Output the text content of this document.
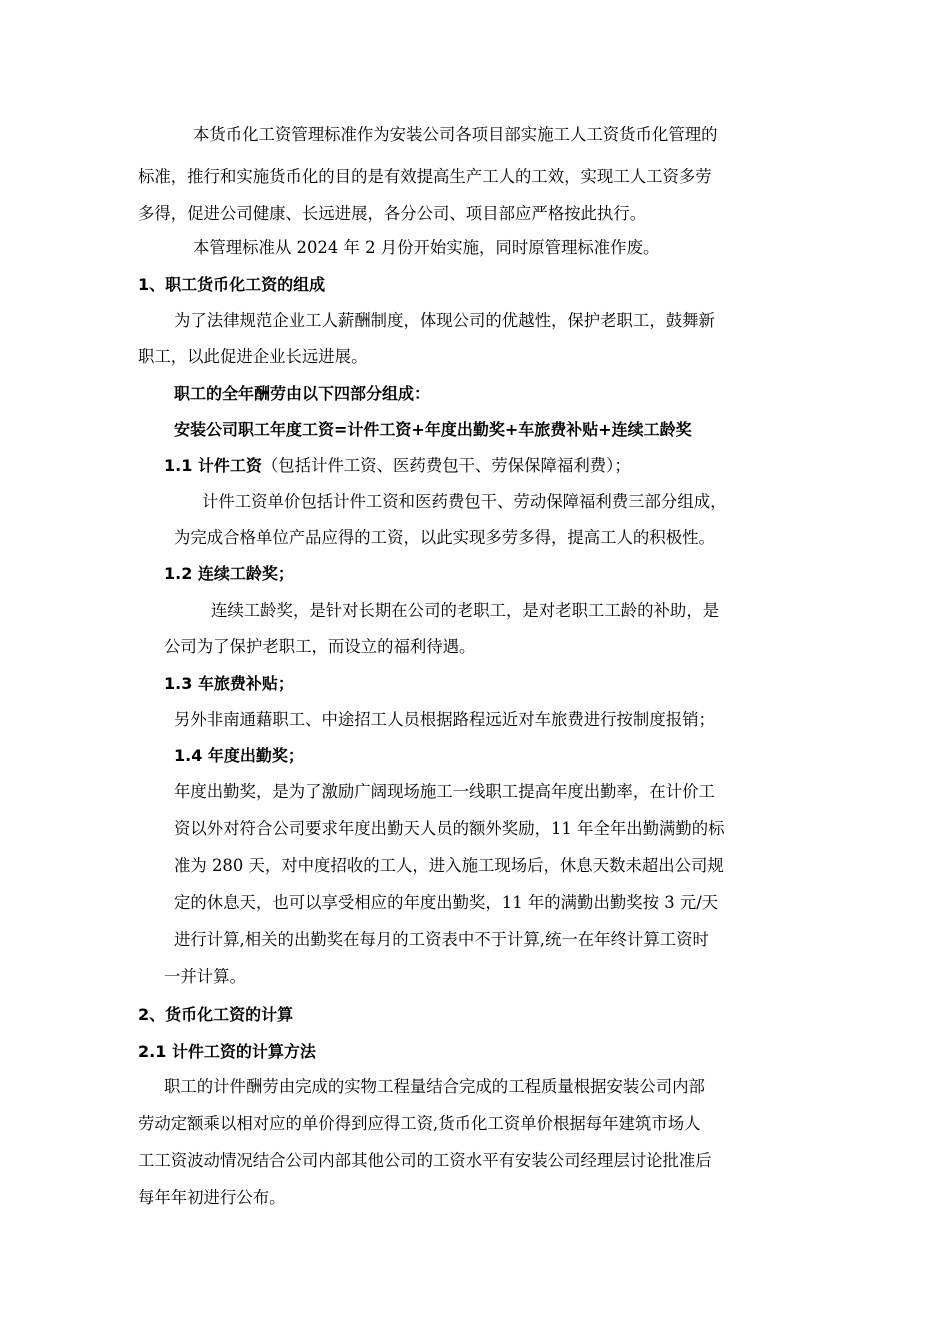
本货币化工资管理标准作为安装公司各项目部实施工人工资货币化管理的

标准，推行和实施货币化的目的是有效提高生产工人的工效，实现工人工资多劳

多得，促进公司健康、长远进展，各分公司、项目部应严格按此执行。

本管理标准从 2024 年 2 月份开始实施，同时原管理标准作废。

1、职工货币化工资的组成

为了法律规范企业工人薪酬制度，体现公司的优越性，保护老职工，鼓舞新

职工，以此促进企业长远进展。

职工的全年酬劳由以下四部分组成：

安装公司职工年度工资=计件工资+年度出勤奖+车旅费补贴+连续工龄奖

1.1 计件工资（包括计件工资、医药费包干、劳保保障福利费）；

计件工资单价包括计件工资和医药费包干、劳动保障福利费三部分组成，

为完成合格单位产品应得的工资，以此实现多劳多得，提高工人的积极性。

1.2 连续工龄奖；

连续工龄奖，是针对长期在公司的老职工，是对老职工工龄的补助，是

公司为了保护老职工，而设立的福利待遇。

1.3 车旅费补贴；

另外非南通藉职工、中途招工人员根据路程远近对车旅费进行按制度报销；

1.4 年度出勤奖；

年度出勤奖，是为了激励广阔现场施工一线职工提高年度出勤率，在计价工

资以外对符合公司要求年度出勤天人员的额外奖励，11 年全年出勤满勤的标

准为 280 天，对中度招收的工人，进入施工现场后，休息天数未超出公司规

定的休息天，也可以享受相应的年度出勤奖，11 年的满勤出勤奖按 3 元/天

进行计算,相关的出勤奖在每月的工资表中不于计算,统一在年终计算工资时

一并计算。

2、货币化工资的计算

2.1 计件工资的计算方法

职工的计件酬劳由完成的实物工程量结合完成的工程质量根据安装公司内部

劳动定额乘以相对应的单价得到应得工资,货币化工资单价根据每年建筑市场人

工工资波动情况结合公司内部其他公司的工资水平有安装公司经理层讨论批准后

每年年初进行公布。
